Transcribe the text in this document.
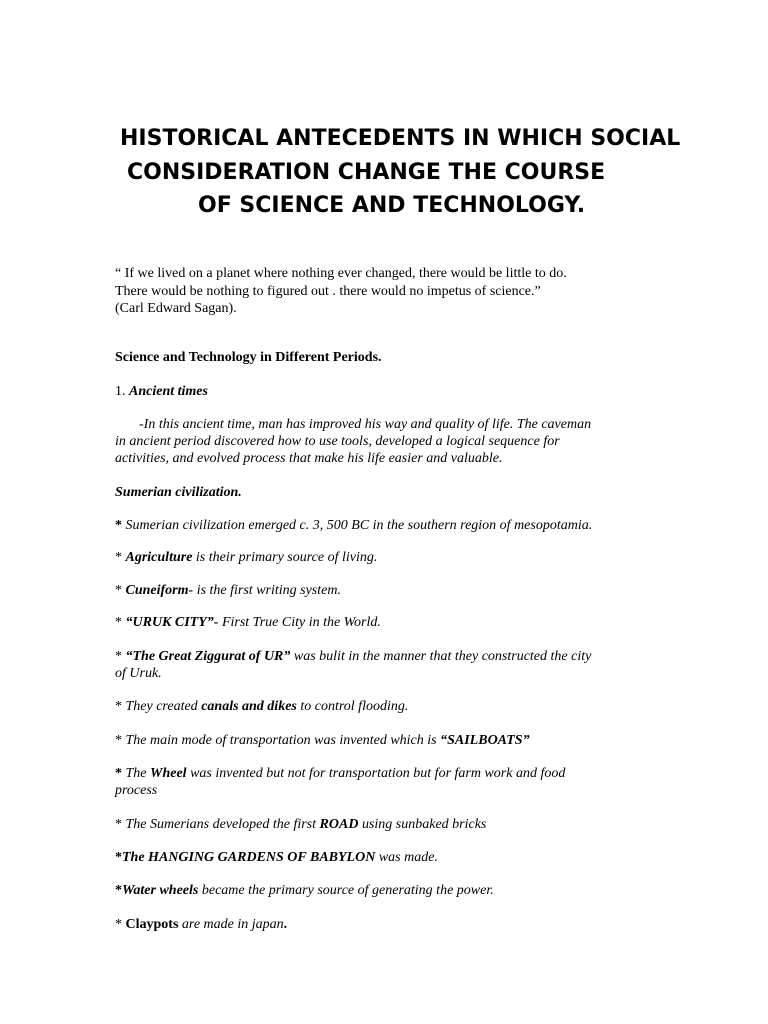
HISTORICAL ANTECEDENTS IN WHICH SOCIAL
CONSIDERATION CHANGE THE COURSE
OF SCIENCE AND TECHNOLOGY.
“ If we lived on a planet where nothing ever changed, there would be little to do.
There would be nothing to figured out . there would no impetus of science.”
(Carl Edward Sagan).
Science and Technology in Different Periods.
1. Ancient times
-In this ancient time, man has improved his way and quality of life. The caveman
in ancient period discovered how to use tools, developed a logical sequence for
activities, and evolved process that make his life easier and valuable.
Sumerian civilization.
* Sumerian civilization emerged c. 3, 500 BC in the southern region of mesopotamia.
* Agriculture is their primary source of living.
* Cuneiform- is the first writing system.
* “URUK CITY”- First True City in the World.
* “The Great Ziggurat of UR” was bulit in the manner that they constructed the city
of Uruk.
* They created canals and dikes to control flooding.
* The main mode of transportation was invented which is “SAILBOATS”
* The Wheel was invented but not for transportation but for farm work and food
process
* The Sumerians developed the first ROAD using sunbaked bricks
*The HANGING GARDENS OF BABYLON was made.
*Water wheels became the primary source of generating the power.
* Claypots are made in japan.
